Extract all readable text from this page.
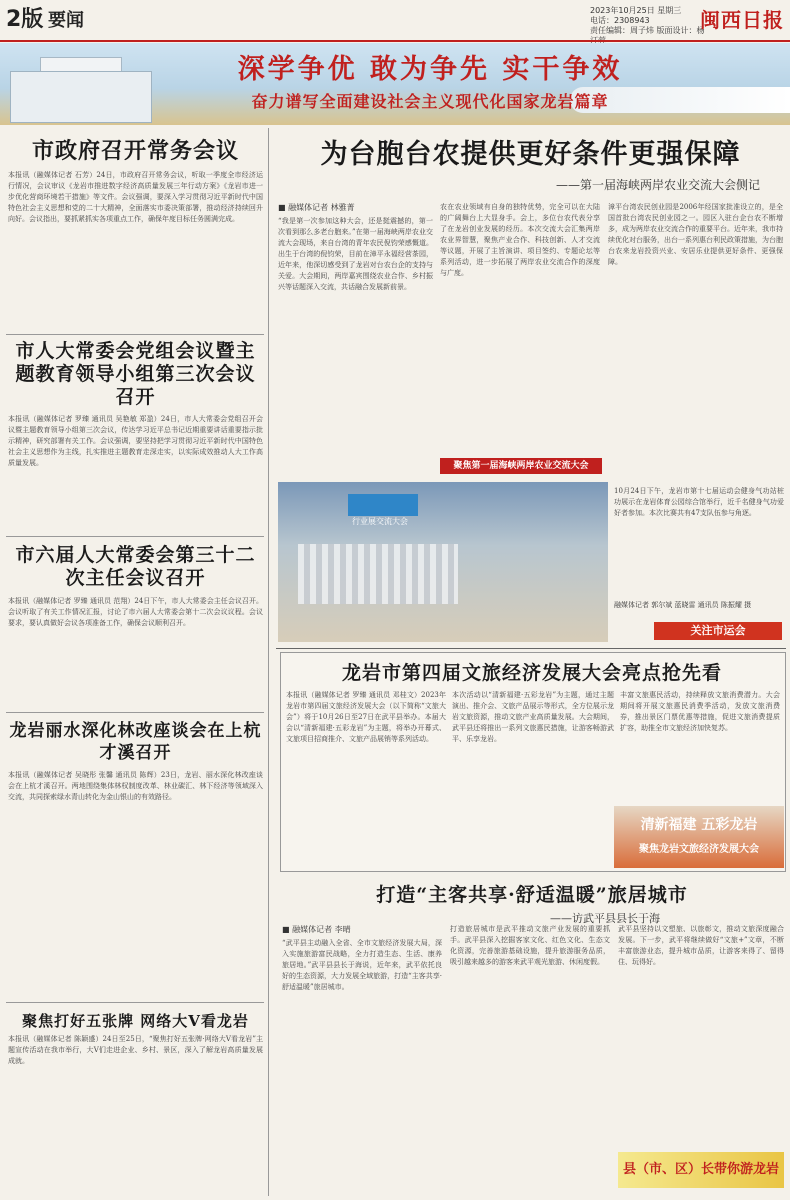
2版 要闻	2023年10月25日 星期三
电话：2308943
责任编辑：周子炜 版面设计：杨
闽西日报
深学争优 敢为争先 实干争效
奋力谱写全面建设社会主义现代化国家龙岩篇章
市政府召开常务会议
本报讯（融媒体记者 石芳）24日，市政府召开常务会议，听取一季度全市经济运行情况，会议审议《龙岩市推进数字经济高质量发展三年行动方案》《龙岩市进一步优化营商环境若干措施》等文件。会议强调，要深入学习贯彻习近平新时代中国特色社会主义思想和党的二十大精神，全面落实市委决策部署，推动经济持续回升向好。会议指出，要抓紧抓实各项重点工作，确保年度目标任务圆满完成。
市人大常委会党组会议暨主题教育领导小组第三次会议召开
本报讯（融媒体记者 罗臻 通讯员 吴艳敏 郑盈）24日，市人大常委会党组召开会议暨主题教育领导小组第三次会议，传达学习近平总书记近期重要讲话重要指示批示精神，研究部署有关工作。会议强调，要坚持把学习贯彻习近平新时代中国特色社会主义思想作为主线，扎实推进主题教育走深走实，以实际成效推动人大工作高质量发展。
市六届人大常委会第三十二次主任会议召开
本报讯（融媒体记者 罗臻 通讯员 范翔）24日下午，市人大常委会主任会议召开。会议听取了有关工作情况汇报，讨论了市六届人大常委会第十二次会议议程。会议要求，要认真做好会议各项准备工作，确保会议顺利召开。
龙岩丽水深化林改座谈会在上杭才溪召开
本报讯（融媒体记者 吴晓彤 张馨 通讯员 陈辉）23日，龙岩、丽水深化林改座谈会在上杭才溪召开。两地围绕集体林权制度改革、林业碳汇、林下经济等领域深入交流，共同探索绿水青山转化为金山银山的有效路径。
聚焦打好五张牌 网络大V看龙岩
本报讯（融媒体记者 陈颖盛）24日至25日，“聚焦打好五张牌·网络大V看龙岩”主题宣传活动在我市举行，大V们走进企业、乡村、景区，深入了解龙岩高质量发展成就。
为台胞台农提供更好条件更强保障
——第一届海峡两岸农业交流大会侧记
■ 融媒体记者 林雅菁
“我是第一次参加这种大会，还是挺震撼的，第一次看到那么多老台胞来。”在第一届海峡两岸农业交流大会现场，来自台湾的青年农民倪钧荣感慨道。出生于台湾的倪钧荣，目前在漳平永福经营茶园，近年来，他深切感受到了龙岩对台农台企的支持与关爱。大会期间，两岸嘉宾围绕农业合作、乡村振兴等话题深入交流，共话融合发展新前景。
农在农业领域有自身的独特优势，完全可以在大陆的广阔舞台上大显身手。会上，多位台农代表分享了在龙岩创业发展的经历。本次交流大会汇集两岸农业界智慧，聚焦产业合作、科技创新、人才交流等议题，开展了主旨演讲、项目签约、专题论坛等系列活动，进一步拓展了两岸农业交流合作的深度与广度。
漳平台湾农民创业园是2006年经国家批准设立的，是全国首批台湾农民创业园之一。园区入驻台企台农不断增多，成为两岸农业交流合作的重要平台。近年来，我市持续优化对台服务，出台一系列惠台利民政策措施，为台胞台农来龙岩投资兴业、安居乐业提供更好条件、更强保障。
聚焦第一届海峡两岸农业交流大会
行业展交流大会
10月24日下午，龙岩市第十七届运动会健身气功站桩功展示在龙岩体育公园综合馆举行，近千名健身气功爱好者参加。本次比赛共有47支队伍参与角逐。
融媒体记者 郭尔斌 蓝晓雷 通讯员 陈振耀 摄
关注市运会
龙岩市第四届文旅经济发展大会亮点抢先看
本报讯（融媒体记者 罗臻 通讯员 邓桂文）2023年龙岩市第四届文旅经济发展大会（以下简称“文旅大会”）将于10月26日至27日在武平县举办。本届大会以“清新福建·五彩龙岩”为主题，将举办开幕式、文旅项目招商推介、文旅产品展销等系列活动。
本次活动以“清新福建·五彩龙岩”为主题，通过主题演出、推介会、文旅产品展示等形式，全方位展示龙岩文旅资源，推动文旅产业高质量发展。大会期间，武平县还将推出一系列文旅惠民措施，让游客畅游武平、乐享龙岩。
丰富文旅惠民活动，持续释放文旅消费潜力。大会期间将开展文旅惠民消费季活动，发放文旅消费券，推出景区门票优惠等措施，促进文旅消费提质扩容，助推全市文旅经济加快复苏。
清新福建 五彩龙岩
聚焦龙岩文旅经济发展大会
打造“主客共享·舒适温暖”旅居城市
——访武平县县长于海
■ 融媒体记者 李晴
“武平县主动融入全省、全市文旅经济发展大局，深入实施旅游富民战略，全力打造生态、生活、康养旅居地。”武平县县长于海说，近年来，武平依托良好的生态资源，大力发展全域旅游，打造“主客共享·舒适温暖”旅居城市。
打造旅居城市是武平推动文旅产业发展的重要抓手。武平县深入挖掘客家文化、红色文化、生态文化资源，完善旅游基础设施，提升旅游服务品质，吸引越来越多的游客来武平观光旅游、休闲度假。
武平县坚持以文塑旅、以旅彰文，推动文旅深度融合发展。下一步，武平将继续做好“文旅+”文章，不断丰富旅游业态，提升城市品质，让游客来得了、留得住、玩得好。
县（市、区）长带你游龙岩
